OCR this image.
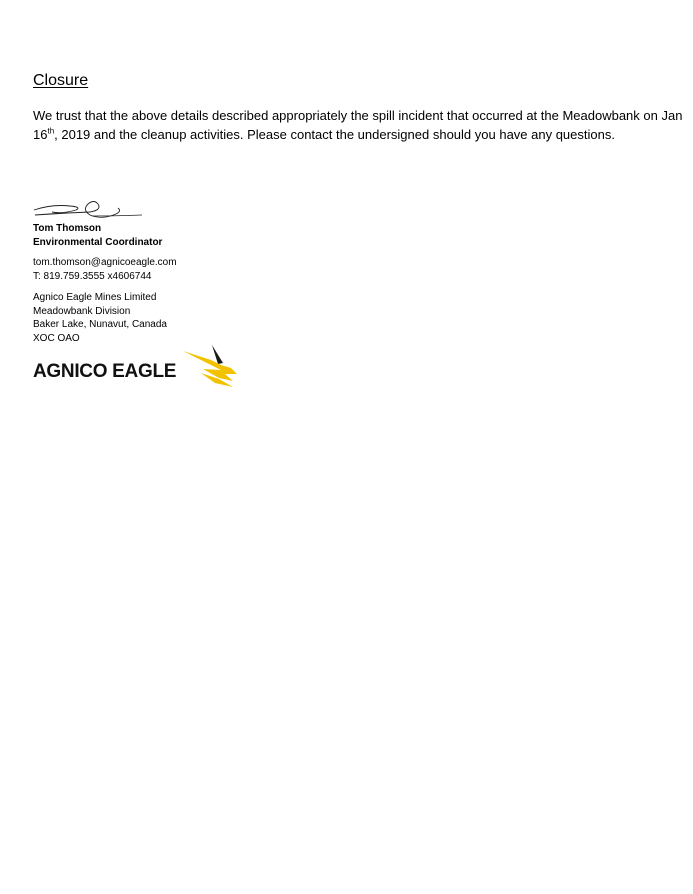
Closure

We trust that the above details described appropriately the spill incident that occurred at the Meadowbank on Jan 16th, 2019 and the cleanup activities. Please contact the undersigned should you have any questions.

Tom Thomson
Environmental Coordinator
tom.thomson@agnicoeagle.com
T: 819.759.3555 x4606744
Agnico Eagle Mines Limited
Meadowbank Division
Baker Lake, Nunavut, Canada
XOC OAO
AGNICO EAGLE
